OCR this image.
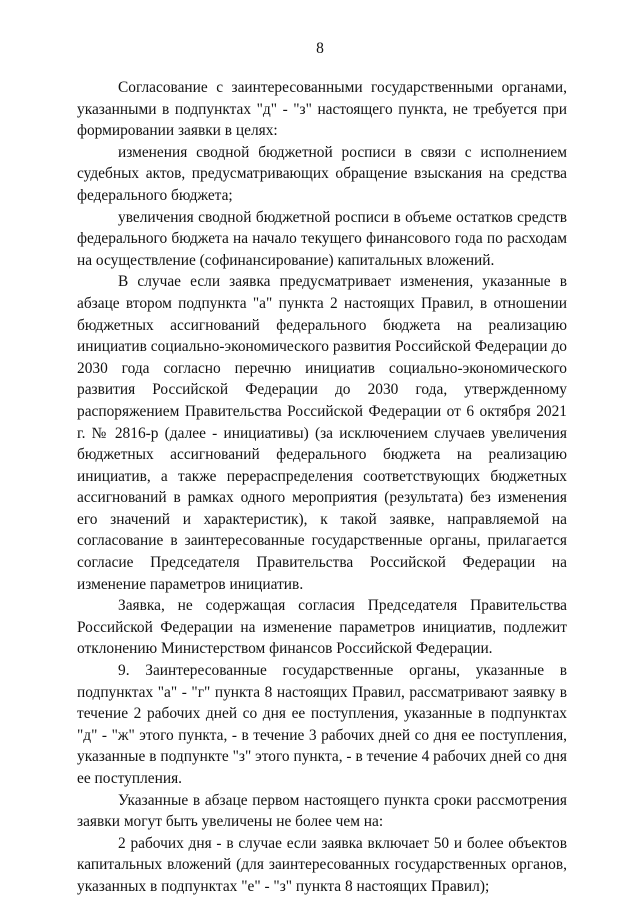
8

Согласование с заинтересованными государственными органами, указанными в подпунктах "д" - "з" настоящего пункта, не требуется при формировании заявки в целях:

изменения сводной бюджетной росписи в связи с исполнением судебных актов, предусматривающих обращение взыскания на средства федерального бюджета;

увеличения сводной бюджетной росписи в объеме остатков средств федерального бюджета на начало текущего финансового года по расходам на осуществление (софинансирование) капитальных вложений.

В случае если заявка предусматривает изменения, указанные в абзаце втором подпункта "а" пункта 2 настоящих Правил, в отношении бюджетных ассигнований федерального бюджета на реализацию инициатив социально-экономического развития Российской Федерации до 2030 года согласно перечню инициатив социально-экономического развития Российской Федерации до 2030 года, утвержденному распоряжением Правительства Российской Федерации от 6 октября 2021 г. № 2816-р (далее - инициативы) (за исключением случаев увеличения бюджетных ассигнований федерального бюджета на реализацию инициатив, а также перераспределения соответствующих бюджетных ассигнований в рамках одного мероприятия (результата) без изменения его значений и характеристик), к такой заявке, направляемой на согласование в заинтересованные государственные органы, прилагается согласие Председателя Правительства Российской Федерации на изменение параметров инициатив.

Заявка, не содержащая согласия Председателя Правительства Российской Федерации на изменение параметров инициатив, подлежит отклонению Министерством финансов Российской Федерации.

9. Заинтересованные государственные органы, указанные в подпунктах "а" - "г" пункта 8 настоящих Правил, рассматривают заявку в течение 2 рабочих дней со дня ее поступления, указанные в подпунктах "д" - "ж" этого пункта, - в течение 3 рабочих дней со дня ее поступления, указанные в подпункте "з" этого пункта, - в течение 4 рабочих дней со дня ее поступления.

Указанные в абзаце первом настоящего пункта сроки рассмотрения заявки могут быть увеличены не более чем на:

2 рабочих дня - в случае если заявка включает 50 и более объектов капитальных вложений (для заинтересованных государственных органов, указанных в подпунктах "е" - "з" пункта 8 настоящих Правил);
